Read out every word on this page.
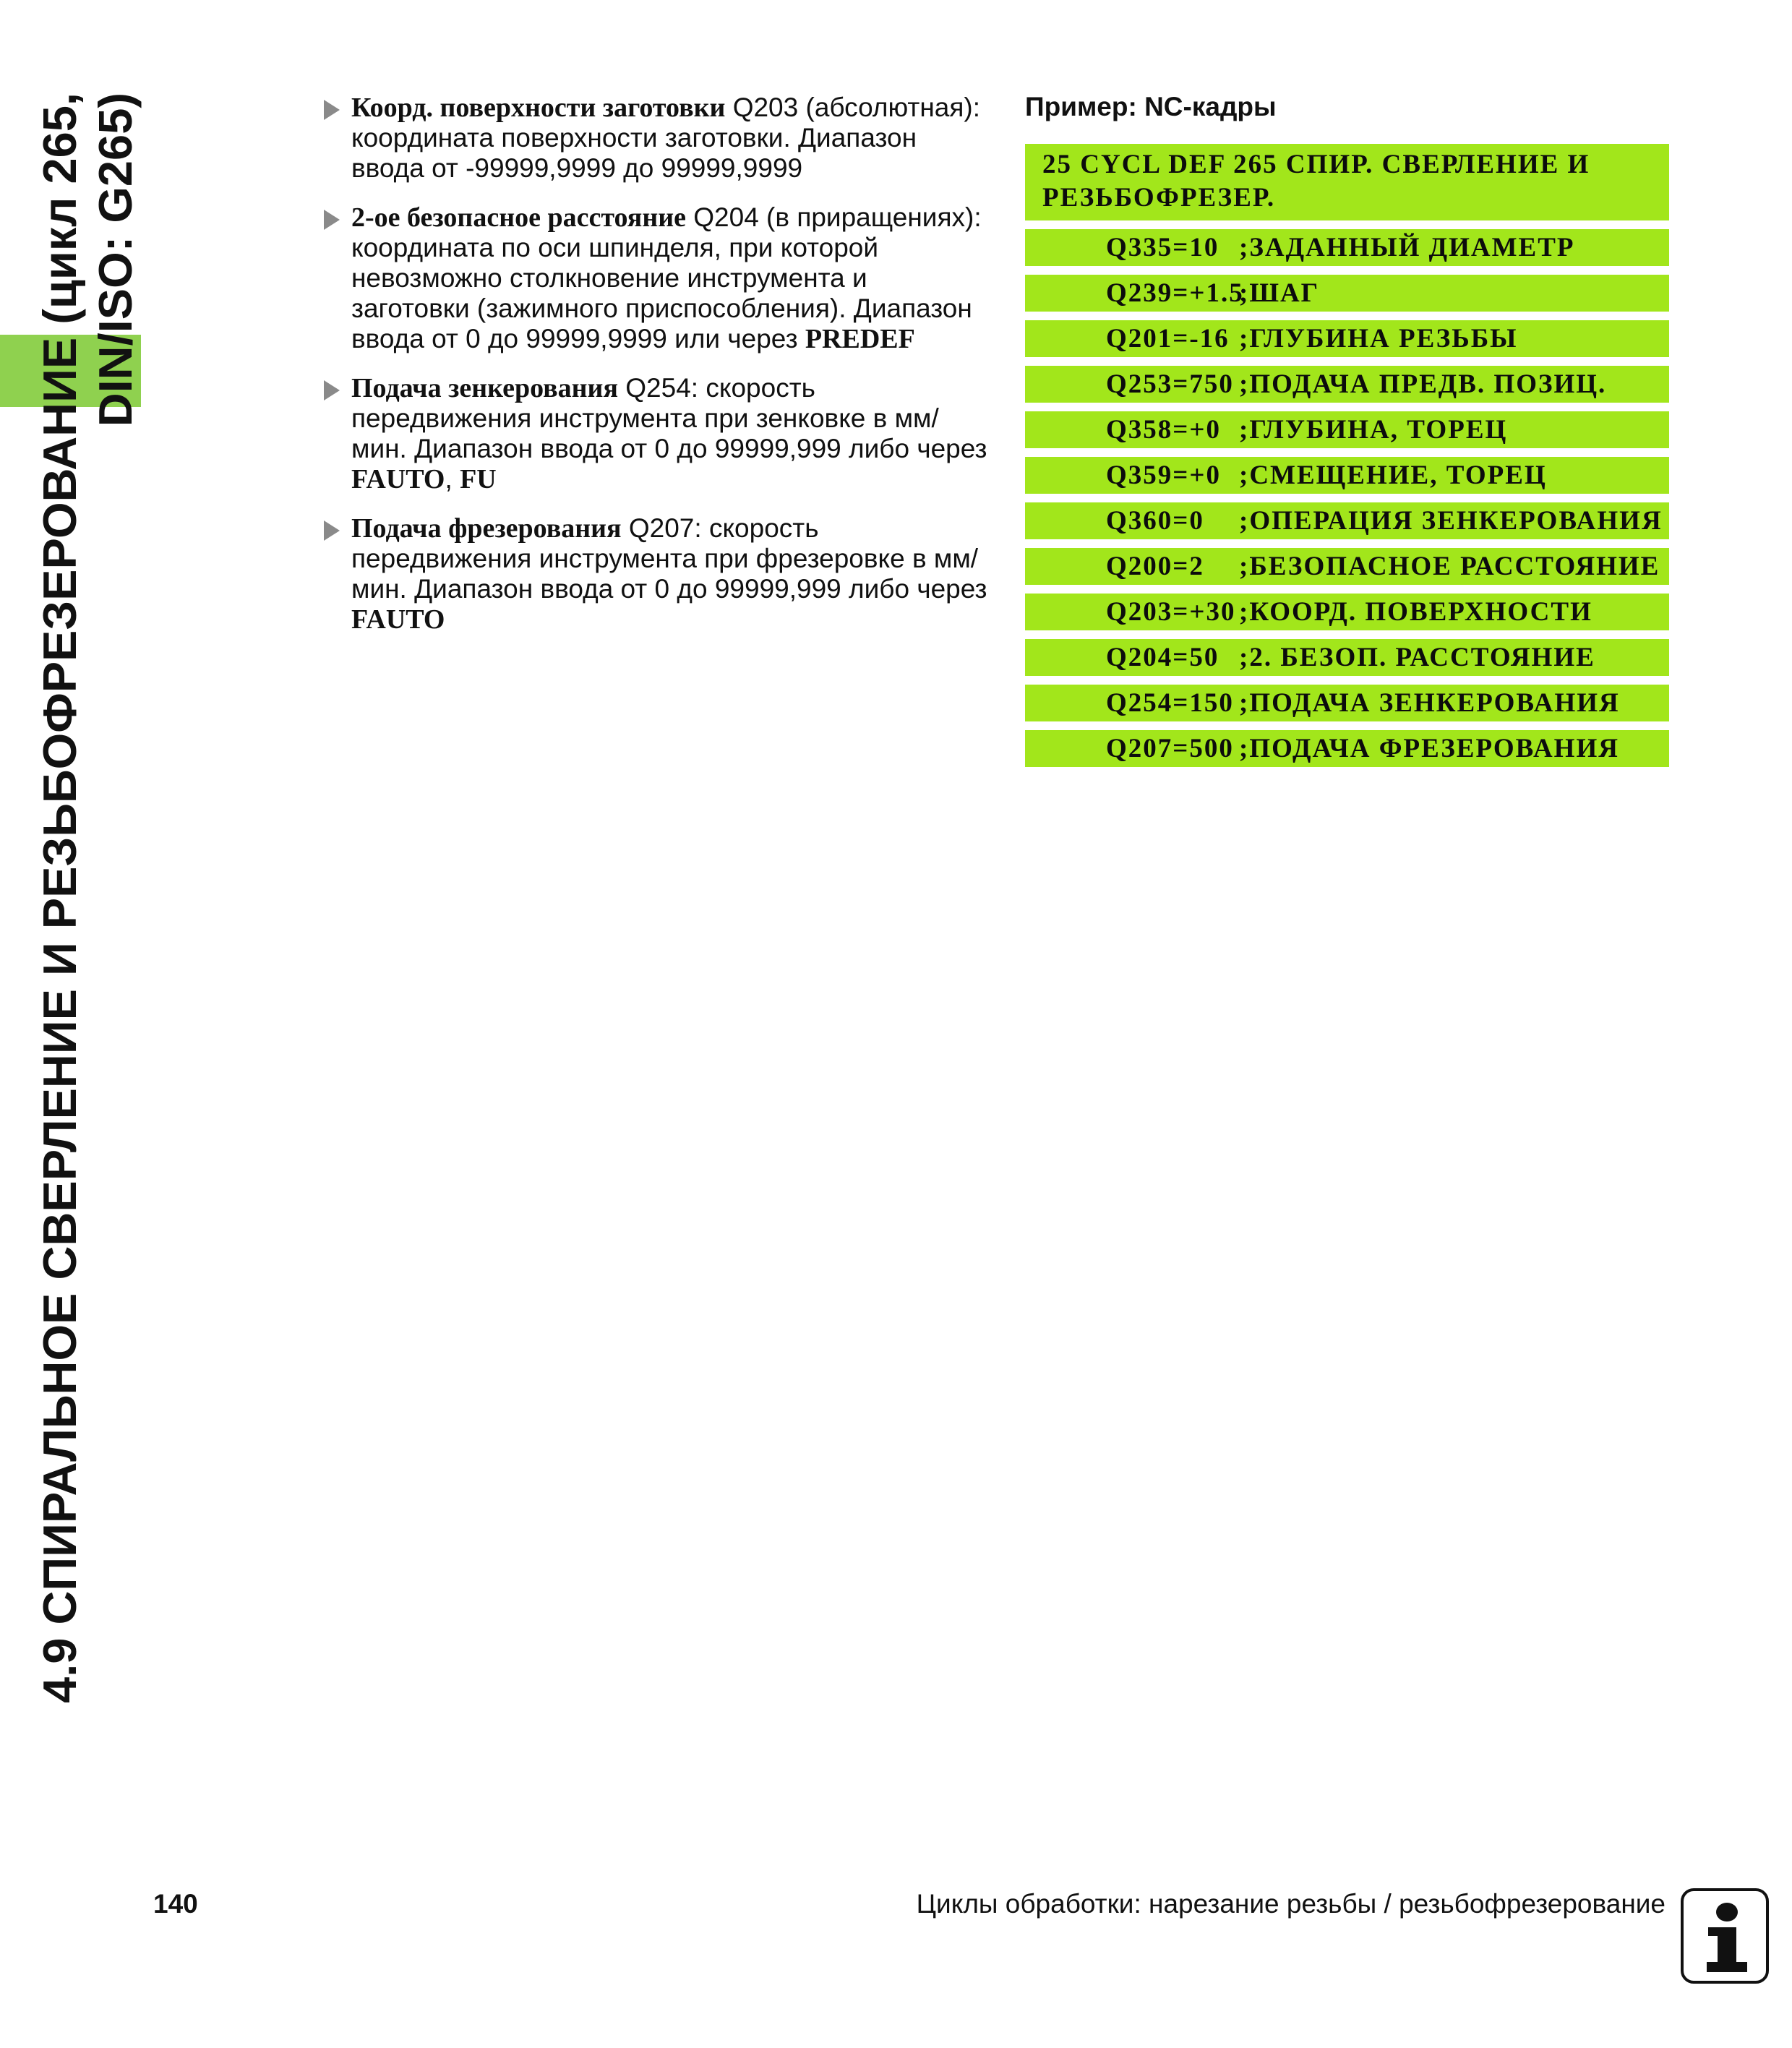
4.9 СПИРАЛЬНОЕ СВЕРЛЕНИЕ И РЕЗЬБОФРЕЗЕРОВАНИЕ (цикл 265, DIN/ISO: G265)	Коорд. поверхности заготовки Q203 (абсолютная): координата поверхности заготовки. Диапазон ввода от -99999,9999 до 99999,9999
2-ое безопасное расстояние Q204 (в приращениях): координата по оси шпинделя, при которой невозможно столкновение инструмента и заготовки (зажимного приспособления). Диапазон ввода от 0 до 99999,9999 или через PREDEF
Подача зенкерования Q254: скорость передвижения инструмента при зенковке в мм/мин. Диапазон ввода от 0 до 99999,999 либо через FAUTO, FU
Подача фрезерования Q207: скорость передвижения инструмента при фрезеровке в мм/мин. Диапазон ввода от 0 до 99999,999 либо через FAUTO
Пример: NC-кадры
25 CYCL DEF 265 СПИР. СВЕРЛЕНИЕ И РЕЗЬБОФРЕЗЕР.
Q335=10 ;ЗАДАННЫЙ ДИАМЕТР
Q239=+1.5
;ШАГ
Q201=-16 ;ГЛУБИНА РЕЗЬБЫ
Q253=750 ;ПОДАЧА ПРЕДВ. ПОЗИЦ.
Q358=+0 ;ГЛУБИНА, ТОРЕЦ
Q359=+0 ;СМЕЩЕНИЕ, ТОРЕЦ
Q360=0 ;ОПЕРАЦИЯ ЗЕНКЕРОВАНИЯ
Q200=2 ;БЕЗОПАСНОЕ РАССТОЯНИЕ
Q203=+30 ;КООРД. ПОВЕРХНОСТИ
Q204=50 ;2. БЕЗОП. РАССТОЯНИЕ
Q254=150 ;ПОДАЧА ЗЕНКЕРОВАНИЯ
Q207=500 ;ПОДАЧА ФРЕЗЕРОВАНИЯ
140	Циклы обработки: нарезание резьбы / резьбофрезерование
